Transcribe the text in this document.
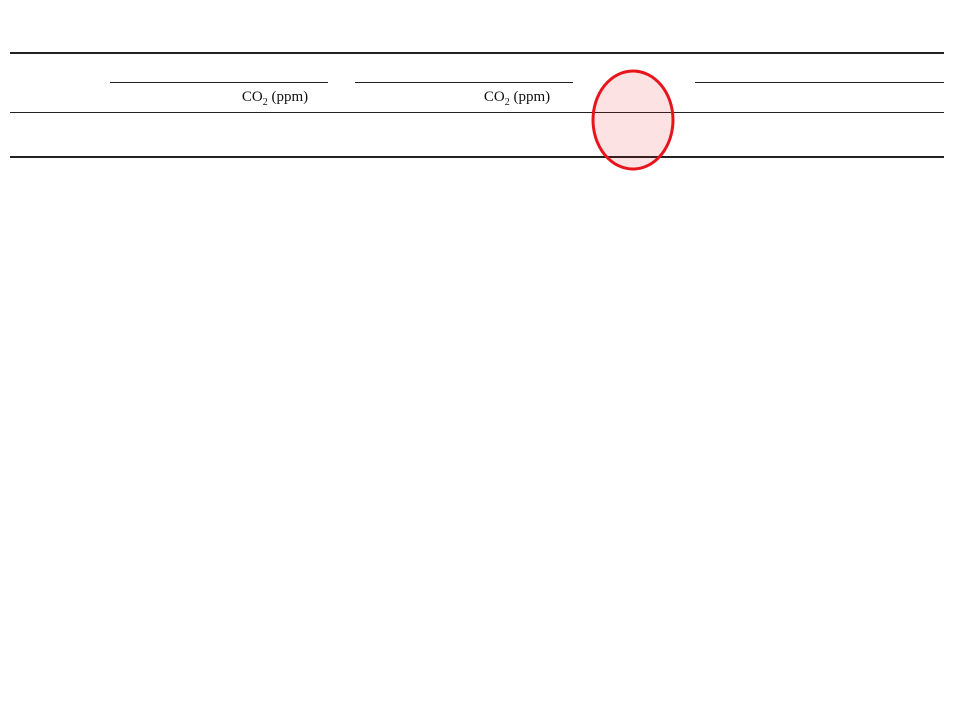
$CO_2$ (ppm)	$CO_2$ (ppm)
